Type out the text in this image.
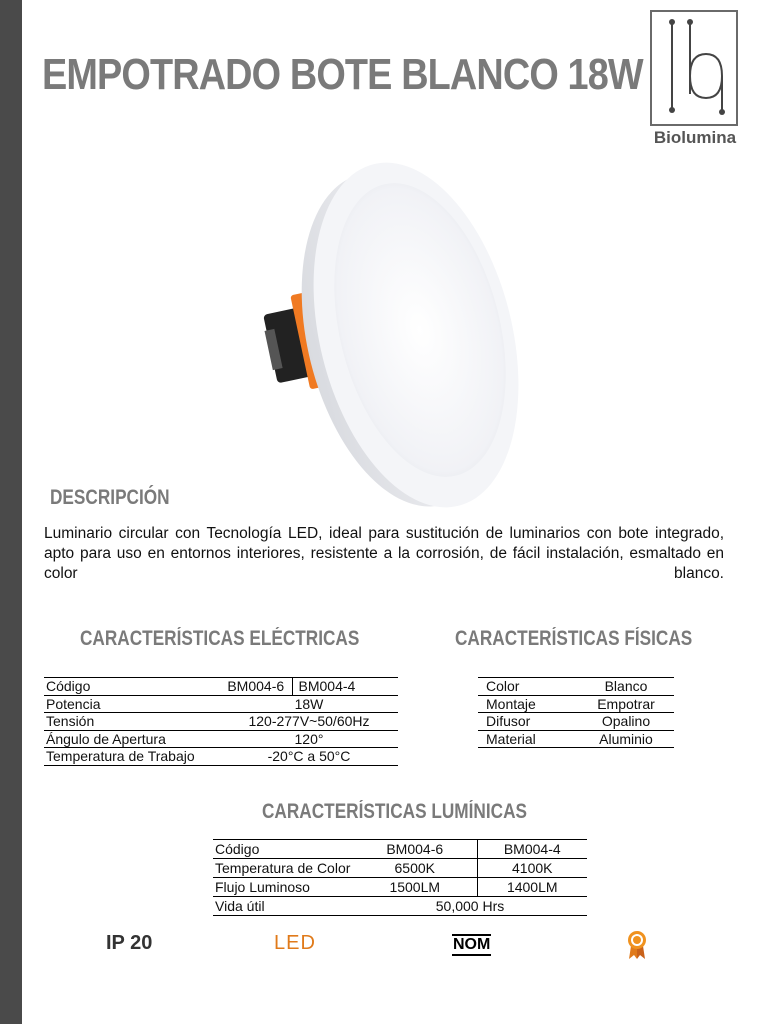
EMPOTRADO BOTE BLANCO 18W
Biolumina
DESCRIPCIÓN
Luminario circular con Tecnología LED, ideal para sustitución de luminarios con bote integrado, apto para uso en entornos interiores, resistente a la corrosión, de fácil instalación, esmaltado en color blanco.
CARACTERÍSTICAS ELÉCTRICAS	CARACTERÍSTICAS FÍSICAS
Código	BM004-6	BM004-4
Potencia	18W	
Tensión	120-277V~50/60Hz	
Ángulo de Apertura	120°	
Temperatura de Trabajo	-20°C a 50°C	
Color	Blanco
Montaje	Empotrar
Difusor	Opalino
Material	Aluminio
CARACTERÍSTICAS LUMÍNICAS
Código	BM004-6	BM004-4
Temperatura de Color	6500K	4100K
Flujo Luminoso	1500LM	1400LM
Vida útil	50,000 Hrs	
IP 20	LED	NOM
